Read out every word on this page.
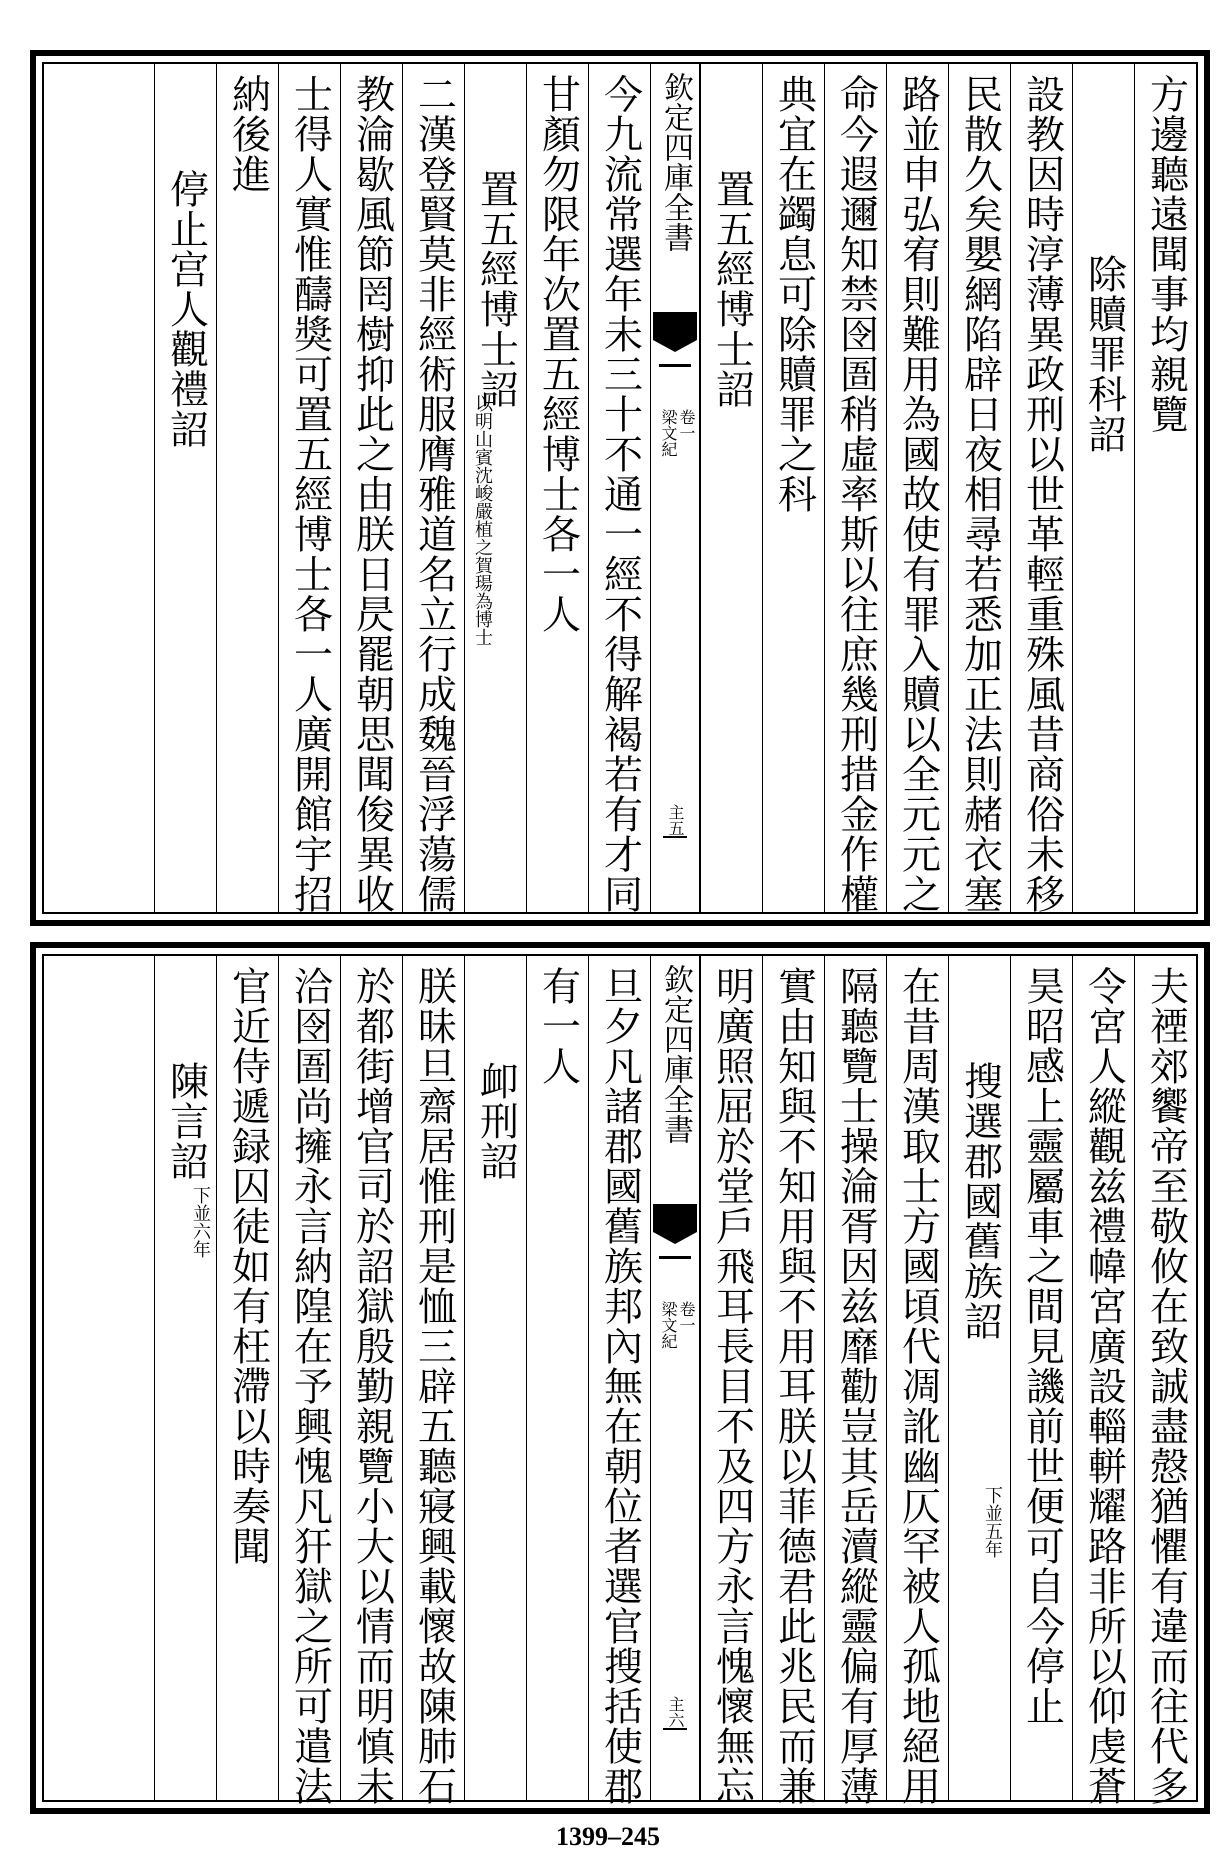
方邊聽遠聞事均親覽
除贖罪科詔
設教因時淳薄異政刑以世革輕重殊風昔商俗未移
民散久矣嬰網陷辟日夜相尋若悉加正法則赭衣塞
路並申弘宥則難用為國故使有罪入贖以全元元之
命今遐邇知禁囹圄稍虛率斯以往庶幾刑措金作權
典宜在蠲息可除贖罪之科
置五經博士詔
欽定四庫全書
梁文紀 卷一
主五
今九流常選年未三十不通一經不得解褐若有才同
甘顏勿限年次置五經博士各一人
置五經博士詔
以明山賓沈峻嚴植之賀瑒為博士
二漢登賢莫非經術服膺雅道名立行成魏晉浮蕩儒
教淪歇風節罔樹抑此之由朕日昃罷朝思聞俊異收
士得人實惟醻獎可置五經博士各一人廣開館宇招
納後進
停止宫人觀禮詔
夫禋郊饗帝至敬攸在致誠盡慤猶懼有違而往代多
令宮人縱觀兹禮幃宮廣設輜軿耀路非所以仰虔蒼
昊昭感上靈屬車之間見譏前世便可自今停止
搜選郡國舊族詔
下並五年
在昔周漢取士方國頃代凋訛幽仄罕被人孤地絕用
隔聽覽士操淪胥因兹靡勸豈其岳瀆縱靈偏有厚薄
實由知與不知用與不用耳朕以菲德君此兆民而兼
明廣照屈於堂戶飛耳長目不及四方永言愧懷無忘
欽定四庫全書
梁文紀 卷一
主六
旦夕凡諸郡國舊族邦內無在朝位者選官搜括使郡
有一人
卹刑詔
朕昧旦齋居惟刑是恤三辟五聽寢興載懷故陳肺石
於都街增官司於詔獄殷勤親覽小大以情而明慎未
洽囹圄尚擁永言納隍在予興愧凡犴獄之所可遣法
官近侍遞録囚徒如有枉滯以時奏聞
陳言詔
下並六年
1399–245
